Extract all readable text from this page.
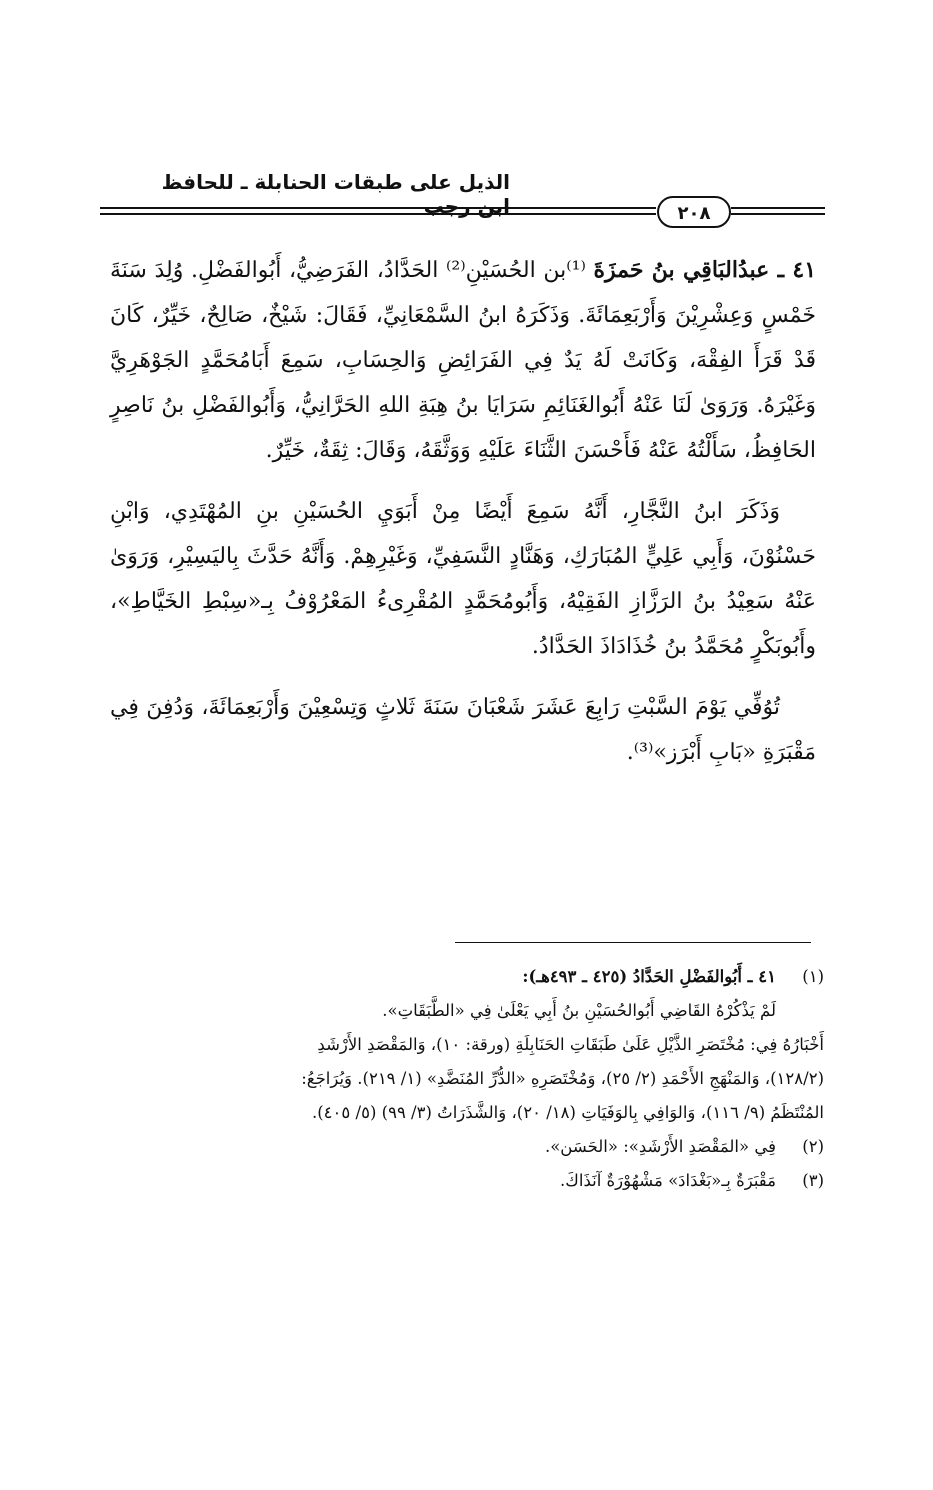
الذيل على طبقات الحنابلة ـ للحافظ ابن رجب	٢٠٨

٤١ ـ عبدُالبَاقِي بنُ حَمزَةَ ⁽¹⁾بن الحُسَيْنِ⁽²⁾ الحَدَّادُ، الفَرَضِيُّ، أَبُوالفَضْلِ. وُلِدَ سَنَةَ خَمْسٍ وَعِشْرِيْنَ وَأَرْبَعِمَائَةَ. وَذَكَرَهُ ابنُ السَّمْعَانِيِّ، فَقَالَ: شَيْخٌ، صَالِحٌ، خَيِّرٌ، كَانَ قَدْ قَرَأَ الفِقْهَ، وَكَانَتْ لَهُ يَدٌ فِي الفَرَائِضِ وَالحِسَابِ، سَمِعَ أَبَامُحَمَّدٍ الجَوْهَرِيَّ وَغَيْرَهُ. وَرَوَىٰ لَنَا عَنْهُ أَبُوالغَنَائِمِ سَرَايَا بنُ هِبَةِ اللهِ الحَرَّانِيُّ، وَأَبُوالفَضْلِ بنُ نَاصِرٍ الحَافِظُ، سَأَلْتُهُ عَنْهُ فَأَحْسَنَ الثَّنَاءَ عَلَيْهِ وَوَثَّقَهُ، وَقَالَ: ثِقَةٌ، خَيِّرٌ.

وَذَكَرَ ابنُ النَّجَّارِ، أَنَّهُ سَمِعَ أَيْضًا مِنْ أَبَوَيِ الحُسَيْنِ بنِ المُهْتَدِي، وَابْنِ حَسْنُوْنَ، وَأَبِي عَلِيٍّ المُبَارَكِ، وَهَنَّادٍ النَّسَفِيِّ، وَغَيْرِهِمْ. وَأَنَّهُ حَدَّثَ بِاليَسِيْرِ، وَرَوَىٰ عَنْهُ سَعِيْدُ بنُ الرَزَّازِ الفَقِيْهُ، وَأَبُومُحَمَّدٍ المُقْرِىءُ المَعْرُوْفُ بِـ«سِبْطِ الخَيَّاطِ»، وأَبُوبَكْرٍ مُحَمَّدُ بنُ خُذَادَاذَ الحَدَّادُ.

تُوُفِّي يَوْمَ السَّبْتِ رَابِعَ عَشَرَ شَعْبَانَ سَنَةَ ثَلاثٍ وَتِسْعِيْنَ وَأَرْبَعِمَائَةَ، وَدُفِنَ فِي مَقْبَرَةِ «بَابِ أَبْرَز»⁽³⁾.

(١)٤١ ـ أَبُوالفَضْلِ الحَدَّادُ (٤٢٥ ـ ٤٩٣هـ):

لَمْ يَذْكُرْهُ القَاضِي أَبُوالحُسَيْنِ بنُ أَبِي يَعْلَىٰ فِي «الطَّبَقَاتِ».

أَخْبَارُهُ فِي: مُخْتَصَرِ الذَّيْلِ عَلَىٰ طَبَقَاتِ الحَنَابِلَةِ (ورقة: ١٠)، وَالمَقْصَدِ الأَرْشَدِ

(١٢٨/٢)، وَالمَنْهَجِ الأَحْمَدِ (٢/ ٢٥)، وَمُخْتَصَرِهِ «الدُّرِّ المُنَضَّدِ» (١/ ٢١٩). وَيُرَاجَعُ:

المُنْتَظَمُ (٩/ ١١٦)، وَالوَافِي بِالوَفَيَاتِ (١٨/ ٢٠)، وَالشَّذَرَاتُ (٣/ ٩٩) (٥/ ٤٠٥).

(٢)فِي «المَقْصَدِ الأَرْشَدِ»: «الحَسَن».

(٣)مَقْبَرَةٌ بِـ«بَغْدَادَ» مَشْهُوْرَةٌ آنَذَاكَ.
